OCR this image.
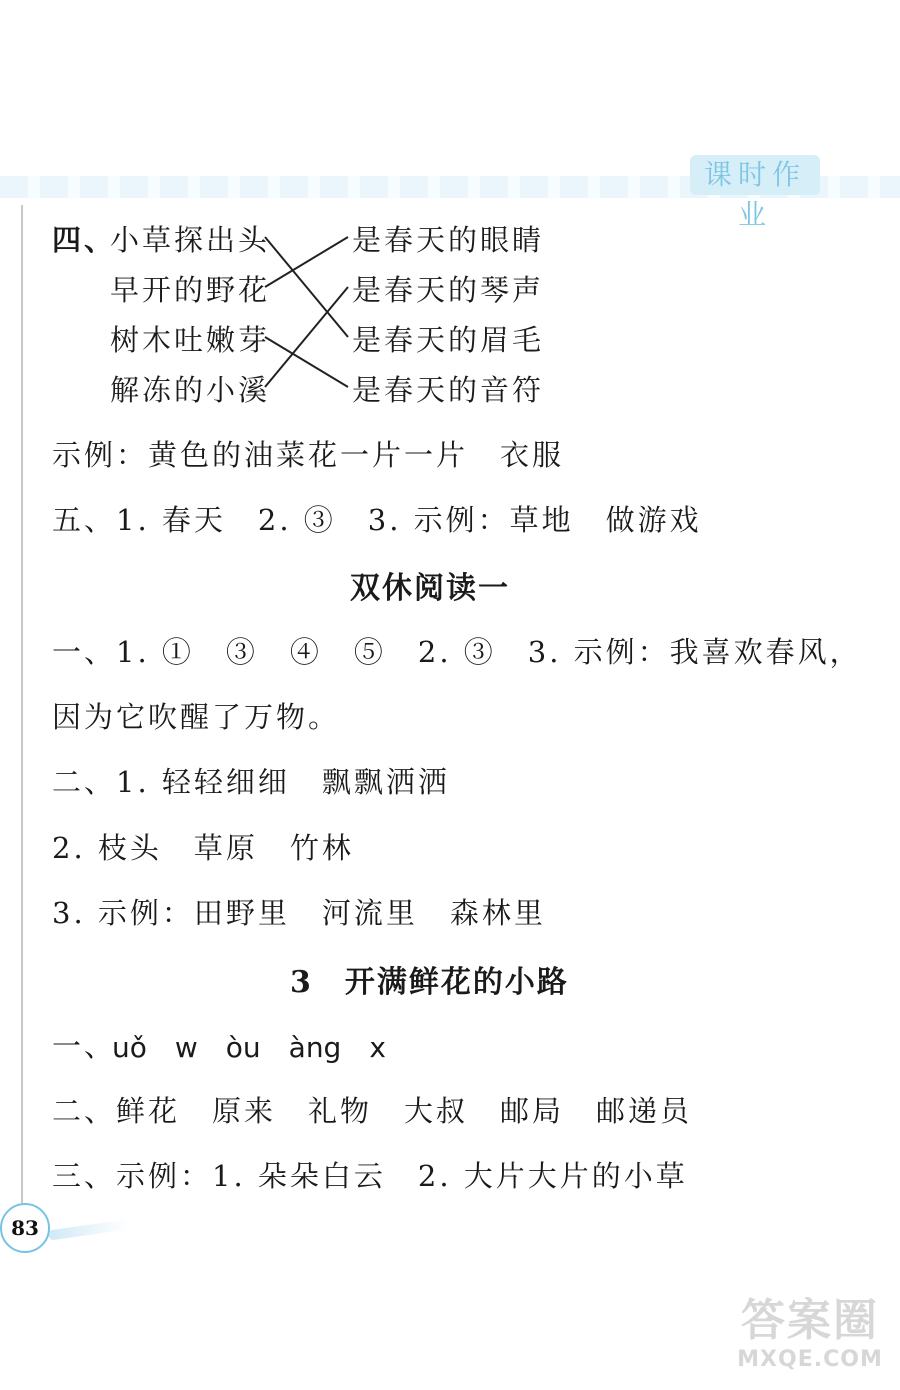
课时作业
四、
小草探出头
早开的野花
树木吐嫩芽
解冻的小溪
是春天的眼睛
是春天的琴声
是春天的眉毛
是春天的音符
示例：黄色的油菜花一片一片　衣服
五、1. 春天　2. ③　3. 示例：草地　做游戏
双休阅读一
一、1. ①　③　④　⑤　2. ③　3. 示例：我喜欢春风，
因为它吹醒了万物。
二、1. 轻轻细细　飘飘洒洒
2. 枝头　草原　竹林
3. 示例：田野里　河流里　森林里
3　开满鲜花的小路
一、
uǒ　w　òu　àng　x
二、鲜花　原来　礼物　大叔　邮局　邮递员
三、示例：1. 朵朵白云　2. 大片大片的小草
83
答案圈
MXQE.COM
